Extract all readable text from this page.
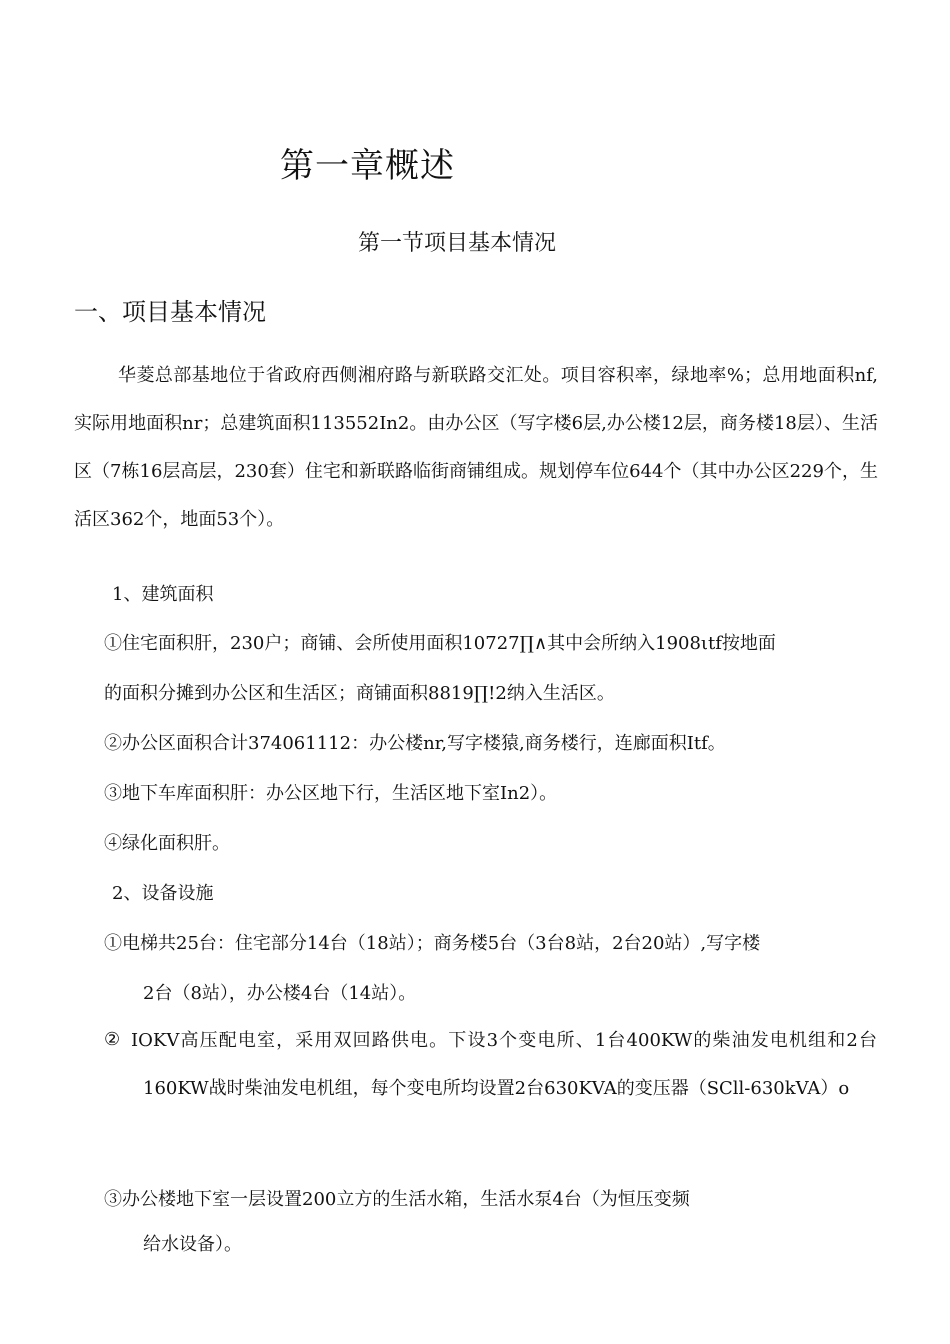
第一章概述
第一节项目基本情况
一、项目基本情况
华菱总部基地位于省政府西侧湘府路与新联路交汇处。项目容积率，绿地率%；总用地面积nf,实际用地面积nr；总建筑面积113552In2。由办公区（写字楼6层,办公楼12层，商务楼18层）、生活区（7栋16层高层，230套）住宅和新联路临街商铺组成。规划停车位644个（其中办公区229个，生活区362个，地面53个）。
1、建筑面积
①住宅面积肝，230户；商铺、会所使用面积10727∏∧其中会所纳入1908ιtf按地面
的面积分摊到办公区和生活区；商铺面积8819∏!2纳入生活区。
②办公区面积合计374061112：办公楼nr,写字楼猿,商务楼行，连廊面积Itf。
③地下车库面积肝：办公区地下行，生活区地下室In2）。
④绿化面积肝。
2、设备设施
①电梯共25台：住宅部分14台（18站）；商务楼5台（3台8站，2台20站）,写字楼
2台（8站），办公楼4台（14站）。
② IOKV高压配电室，采用双回路供电。下设3个变电所、1台400KW的柴油发电机组和2台160KW战时柴油发电机组，每个变电所均设置2台630KVA的变压器（SCll-630kVA）o
③办公楼地下室一层设置200立方的生活水箱，生活水泵4台（为恒压变频
给水设备）。
